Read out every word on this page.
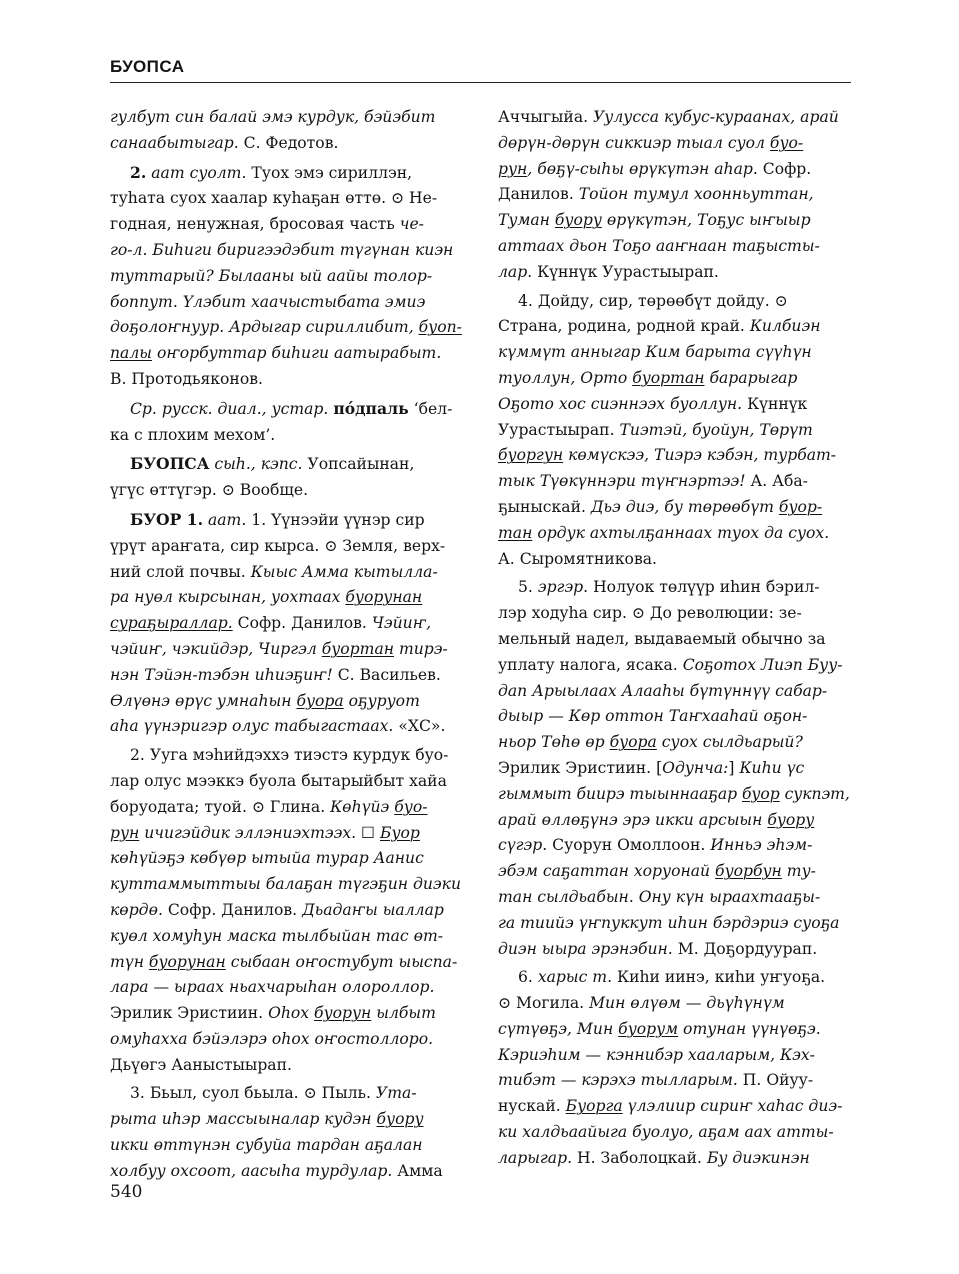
БУОПСА
гулбут син балай эмэ курдук, бэйэбит
санаабытыгар. С. Федотов.
2. аат суолт. Туох эмэ сириллэн,
туһата суох хаалар куһаҕан өттө. ⊙ Не-
годная, ненужная, бросовая часть че-
го-л. Биһиги биригээдэбит түгүнан киэн
туттарый? Былааны ый аайы толор-
боппут. Үлэбит хаачыстыбата эмиэ
доҕолоҥнуур. Ардыгар сириллибит, буоп-
палы оҥорбуттар биһиги аатырабыт.
В. Протодьяконов.
Ср. русск. диал., устар. по́дпаль ‘бел-
ка с плохим мехом’.
БУОПСА сыһ., кэпс. Уопсайынан,
үгүс өттүгэр. ⊙ Вообще.
БУОР 1. аат. 1. Үүнээйи үүнэр сир
үрүт араҥата, сир кырса. ⊙ Земля, верх-
ний слой почвы. Кыыс Амма кытылла-
ра нуөл кырсынан, уохтаах буорунан
сураҕыраллар. Софр. Данилов. Чэйиҥ,
чэйиҥ, чэкийдэр, Чиргэл буортан тирэ-
нэн Тэйэн-тэбэн иһиэҕиҥ! С. Васильев.
Өлүөнэ өрүс умнаһын буора оҕуруот
аһа үүнэригэр олус табыгастаах. «ХС».
2. Ууга мэһийдэххэ тиэстэ курдук буо-
лар олус мээккэ буола бытарыйбыт хайа
боруодата; туой. ⊙ Глина. Көһүйэ буо-
рун ичигэйдик эллэниэхтээх. ☐ Буор
көһүйэҕэ көбүөр ытыйа турар Аанис
куттаммыттыы балаҕан түгэҕин диэки
көрдө. Софр. Данилов. Дьадаҥы ыаллар
куөл хомуһун маска тылбыйан тас өт-
түн буорунан сыбаан оҥостубут ыыспа-
лара — ыраах ньахчарыһан олороллор.
Эрилик Эристиин. Оһох буорун ылбыт
омуһахха бэйэлэрэ оһох оҥостоллоро.
Дьүөгэ Ааныстыырап.
3. Бьыл, суол бьыла. ⊙ Пыль. Ута-
рыта иһэр массыыналар кудэн буору
икки өттүнэн субуйа тардан аҕалан
холбуу охсоот, аасыһа турдулар. Амма
Аччыгыйа. Уулусса кубус-кураанах, арай
дөрүн-дөрүн сиккиэр тыал суол буо-
рун, бөҕү-сыһы өрүкүтэн аһар. Софр.
Данилов. Тойон тумул хоонньуттан,
Туман буору өрүкүтэн, Тоҕус ыҥыыр
аттаах дьон Тоҕо ааҥнаан таҕысты-
лар. Күннүк Уурастыырап.
4. Дойду, сир, төрөөбүт дойду. ⊙
Страна, родина, родной край. Килбиэн
күммүт анныгар Ким барыта сүүһүн
туоллун, Орто буортан барарыгар
Оҕото хос сиэннээх буоллун. Күннүк
Уурастыырап. Тиэтэй, буойун, Төрүт
буоргун көмүскээ, Тиэрэ кэбэн, турбат-
тык Түөкүннэри түҥнэртээ! А. Аба-
ҕыныскай. Дьэ диэ, бу төрөөбүт буор-
тан ордук ахтылҕаннаах туох да суох.
А. Сыромятникова.
5. эргэр. Нолуок төлүүр иһин бэрил-
лэр ходуһа сир. ⊙ До революции: зе-
мельный надел, выдаваемый обычно за
уплату налога, ясака. Соҕотох Лиэп Буу-
дап Арыылаах Алааһы бүтүннүү сабар-
дыыр — Көр оттон Таҥхааһай оҕон-
ньор Төһө өр буора суох сылдьарый?
Эрилик Эристиин. [Одунча:] Киһи үс
гыммыт биирэ тыыннааҕар буор сукпэт,
арай өллөҕүнэ эрэ икки арсыын буору
сүгэр. Суорун Омоллоон. Инньэ эһэм-
эбэм саҕаттан хоруонай буорбун ту-
тан сылдьабын. Ону күн ыраахтааҕы-
га тиийэ үҥпуккут иһин бэрдэриэ суоҕа
диэн ыыра эрэнэбин. М. Доҕордуурап.
6. харыс т. Киһи иинэ, киһи уҥуоҕа.
⊙ Могила. Мин өлүөм — дьүһүнүм
сүтүөҕэ, Мин буорум отунан үүнүөҕэ.
Кэриэһим — кэннибэр хааларым, Кэх-
тибэт — кэрэхэ тылларым. П. Ойуу-
нускай. Буорга үлэлиир сириҥ хаһас диэ-
ки халдьаайыга буолуо, аҕам аах атты-
ларыгар. Н. Заболоцкай. Бу диэкинэн
540
